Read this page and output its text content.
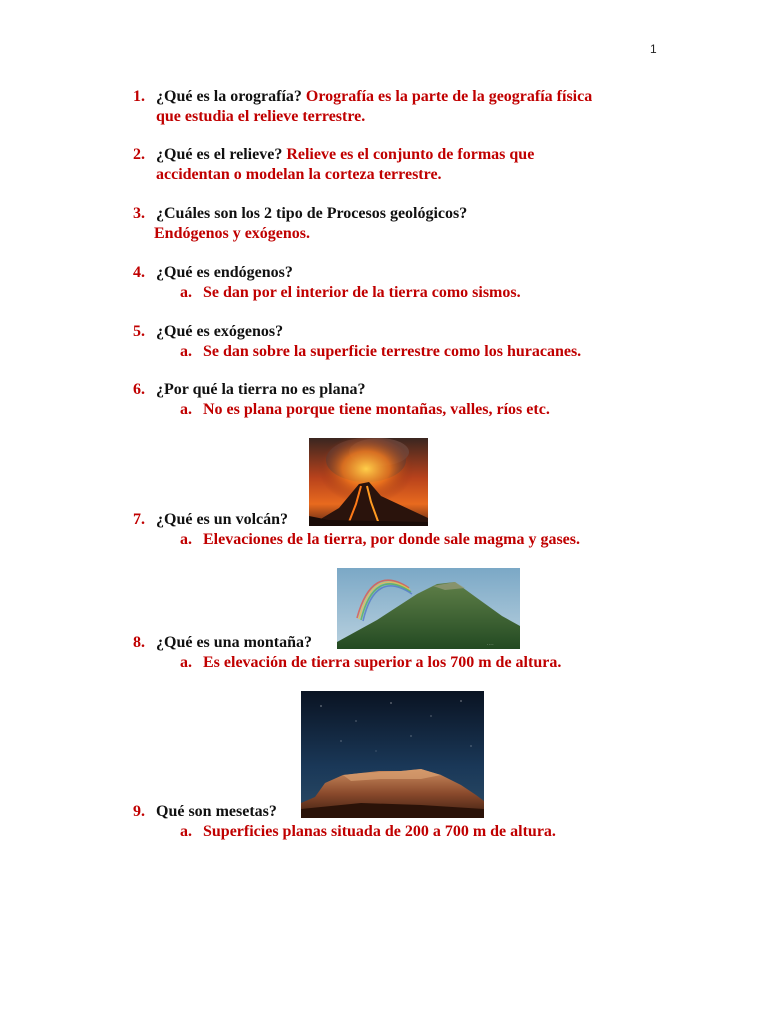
1
1. ¿Qué es la orografía? Orografía es la parte de la geografía física
que estudia el relieve terrestre.
2. ¿Qué es el relieve? Relieve es el conjunto de formas que
accidentan o modelan la corteza terrestre.
3. ¿Cuáles son los 2 tipo de Procesos geológicos?
Endógenos y exógenos.
4. ¿Qué es endógenos?
a. Se dan por el interior de la tierra como sismos.
5. ¿Qué es exógenos?
a. Se dan sobre la superficie terrestre como los huracanes.
6. ¿Por qué la tierra no es plana?
a. No es plana porque tiene montañas, valles, ríos etc.
7. ¿Qué es un volcán?
a. Elevaciones de la tierra, por donde sale magma y gases.
· · · ·
8. ¿Qué es una montaña?
a. Es elevación de tierra superior a los 700 m de altura.
9. Qué son mesetas?
a. Superficies planas situada de 200 a 700 m de altura.
